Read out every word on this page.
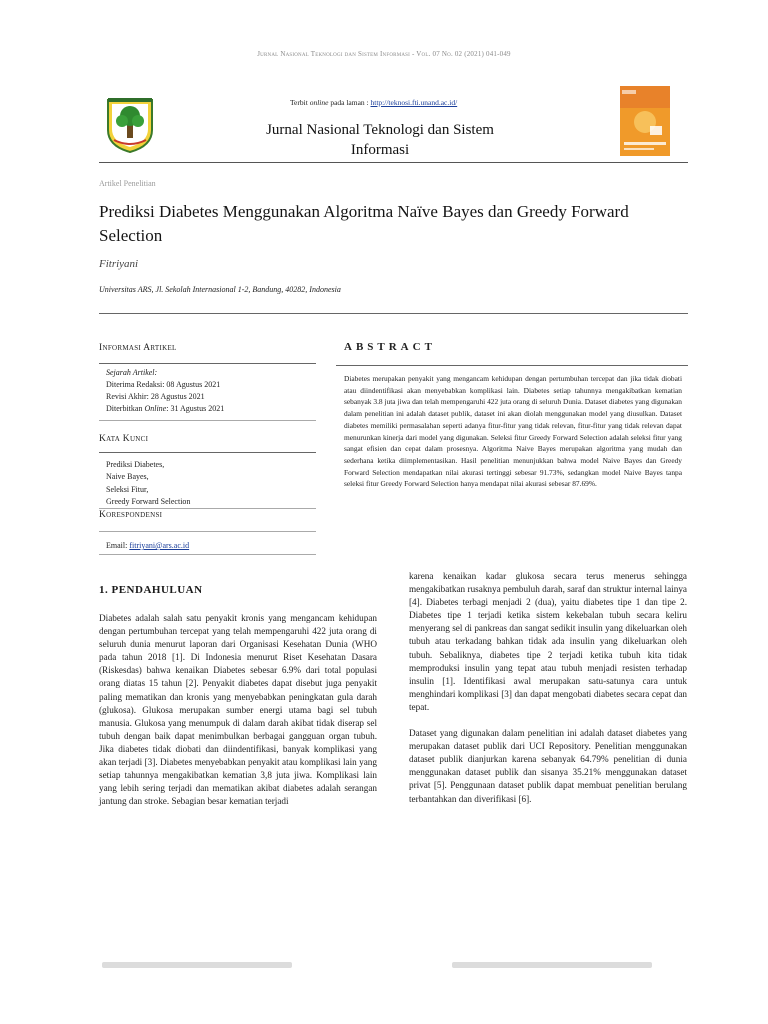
Jurnal Nasional Teknologi dan Sistem Informasi - Vol. 07 No. 02 (2021) 041-049
Terbit online pada laman : http://teknosi.fti.unand.ac.id/
Jurnal Nasional Teknologi dan Sistem
Informasi
Artikel Penelitian
Prediksi Diabetes Menggunakan Algoritma Naïve Bayes dan Greedy Forward
Selection
Fitriyani
Universitas ARS, Jl. Sekolah Internasional 1-2, Bandung, 40282, Indonesia
Informasi Artikel
Sejarah Artikel:
Diterima Redaksi: 08 Agustus 2021
Revisi Akhir: 28 Agustus 2021
Diterbitkan Online: 31 Agustus 2021
Kata Kunci
Prediksi Diabetes,
Naive Bayes,
Seleksi Fitur,
Greedy Forward Selection
Korespondensi
Email: fitriyani@ars.ac.id
ABSTRACT
Diabetes merupakan penyakit yang mengancam kehidupan dengan pertumbuhan tercepat dan jika tidak diobati atau diindentifikasi akan menyebabkan komplikasi lain. Diabetes setiap tahunnya mengakibatkan kematian sebanyak 3.8 juta jiwa dan telah mempengaruhi 422 juta orang di seluruh Dunia. Dataset diabetes yang digunakan dalam penelitian ini adalah dataset publik, dataset ini akan diolah menggunakan model yang diusulkan. Dataset diabetes memiliki permasalahan seperti adanya fitur-fitur yang tidak relevan, fitur-fitur yang tidak relevan dapat menurunkan kinerja dari model yang digunakan. Seleksi fitur Greedy Forward Selection adalah seleksi fitur yang sangat efisien dan cepat dalam prosesnya. Algoritma Naive Bayes merupakan algoritma yang mudah dan sederhana ketika diimplementasikan. Hasil penelitian menunjukkan bahwa model Naive Bayes dan Greedy Forward Selection mendapatkan nilai akurasi tertinggi sebesar 91.73%, sedangkan model Naive Bayes tanpa seleksi fitur Greedy Forward Selection hanya mendapat nilai akurasi sebesar 87.69%.
1. PENDAHULUAN

Diabetes adalah salah satu penyakit kronis yang mengancam kehidupan dengan pertumbuhan tercepat yang telah mempengaruhi 422 juta orang di seluruh dunia menurut laporan dari Organisasi Kesehatan Dunia (WHO pada tahun 2018 [1]. Di Indonesia menurut Riset Kesehatan Dasara (Riskesdas) bahwa kenaikan Diabetes sebesar 6.9% dari total populasi orang diatas 15 tahun [2]. Penyakit diabetes dapat disebut juga penyakit paling mematikan dan kronis yang menyebabkan peningkatan gula darah (glukosa). Glukosa merupakan sumber energi utama bagi sel tubuh manusia. Glukosa yang menumpuk di dalam darah akibat tidak diserap sel tubuh dengan baik dapat menimbulkan berbagai gangguan organ tubuh. Jika diabetes tidak diobati dan diindentifikasi, banyak komplikasi yang akan terjadi [3]. Diabetes menyebabkan penyakit atau komplikasi lain yang setiap tahunnya mengakibatkan kematian 3,8 juta jiwa. Komplikasi lain yang lebih sering terjadi dan mematikan akibat diabetes adalah serangan jantung dan stroke. Sebagian besar kematian terjadi

karena kenaikan kadar glukosa secara terus menerus sehingga mengakibatkan rusaknya pembuluh darah, saraf dan struktur internal lainya [4]. Diabetes terbagi menjadi 2 (dua), yaitu diabetes tipe 1 dan tipe 2. Diabetes tipe 1 terjadi ketika sistem kekebalan tubuh secara keliru menyerang sel di pankreas dan sangat sedikit insulin yang dikeluarkan oleh tubuh atau terkadang bahkan tidak ada insulin yang dikeluarkan oleh tubuh. Sebaliknya, diabetes tipe 2 terjadi ketika tubuh kita tidak memproduksi insulin yang tepat atau tubuh menjadi resisten terhadap insulin [1]. Identifikasi awal merupakan satu-satunya cara untuk menghindari komplikasi [3] dan dapat mengobati diabetes secara cepat dan tepat.

Dataset yang digunakan dalam penelitian ini adalah dataset diabetes yang merupakan dataset publik dari UCI Repository. Penelitian menggunakan dataset publik dianjurkan karena sebanyak 64.79% penelitian di dunia menggunakan dataset publik dan sisanya 35.21% menggunakan dataset privat [5]. Penggunaan dataset publik dapat membuat penelitian berulang terbantahkan dan diverifikasi [6].
